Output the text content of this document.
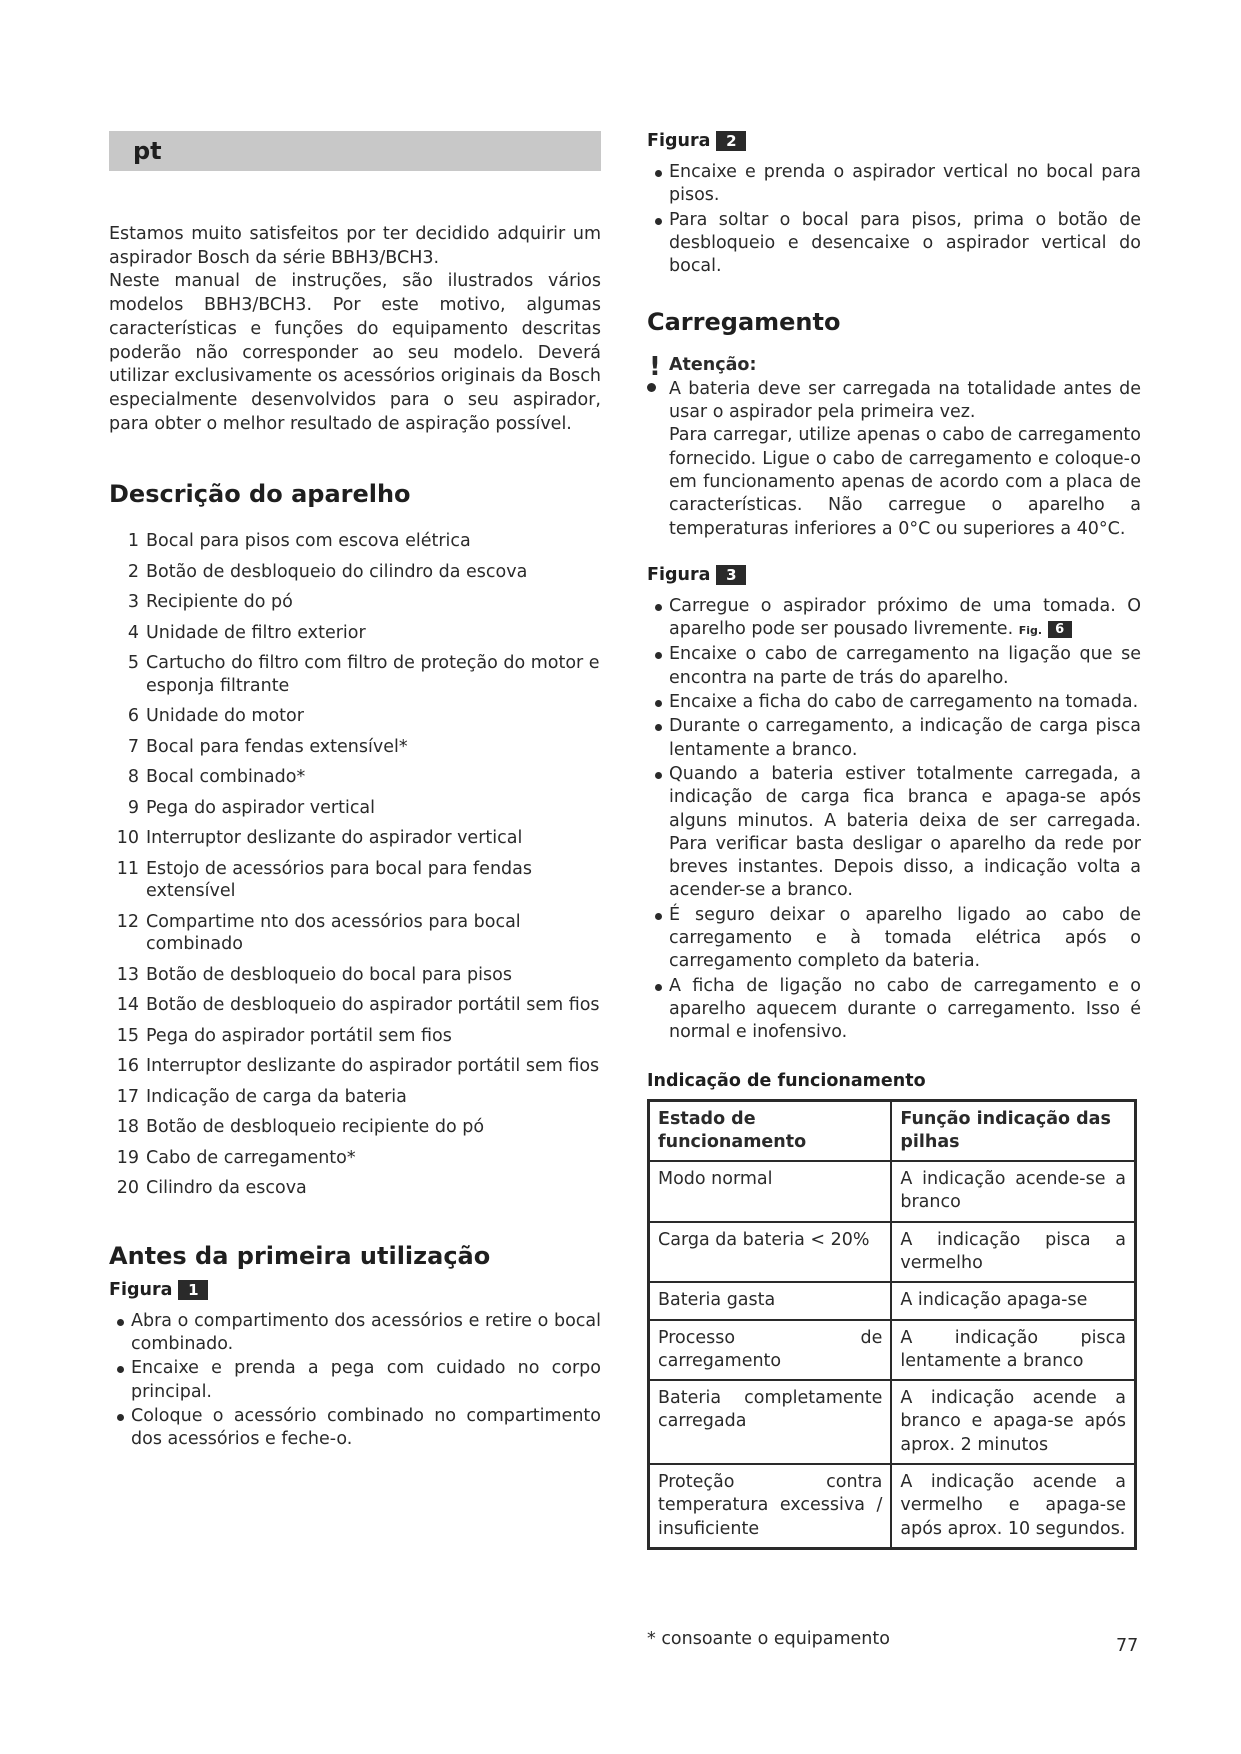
pt

Estamos muito satisfeitos por ter decidido adquirir um aspirador Bosch da série BBH3/BCH3.

Neste manual de instruções, são ilustrados vários modelos BBH3/BCH3. Por este motivo, algumas características e funções do equipamento descritas poderão não corresponder ao seu modelo. Deverá utilizar exclusivamente os acessórios originais da Bosch especialmente desenvolvidos para o seu aspirador, para obter o melhor resultado de aspiração possível.

Descrição do aparelho
1 Bocal para pisos com escova elétrica
2 Botão de desbloqueio do cilindro da escova
3 Recipiente do pó
4 Unidade de filtro exterior
5 Cartucho do filtro com filtro de proteção do motor e esponja filtrante
6 Unidade do motor
7 Bocal para fendas extensível*
8 Bocal combinado*
9 Pega do aspirador vertical
10 Interruptor deslizante do aspirador vertical
11 Estojo de acessórios para bocal para fendas extensível
12 Compartime nto dos acessórios para bocal combinado
13 Botão de desbloqueio do bocal para pisos
14 Botão de desbloqueio do aspirador portátil sem fios
15 Pega do aspirador portátil sem fios
16 Interruptor deslizante do aspirador portátil sem fios
17 Indicação de carga da bateria
18 Botão de desbloqueio recipiente do pó
19 Cabo de carregamento*
20 Cilindro da escova
Antes da primeira utilização
Figura	1
Abra o compartimento dos acessórios e retire o bocal combinado.
Encaixe e prenda a pega com cuidado no corpo principal.
Coloque o acessório combinado no compartimento dos acessórios e feche-o.
Figura	2
Encaixe e prenda o aspirador vertical no bocal para pisos.
Para soltar o bocal para pisos, prima o botão de desbloqueio e desencaixe o aspirador vertical do bocal.
Carregamento
! Atenção:

A bateria deve ser carregada na totalidade antes de usar o aspirador pela primeira vez.

Para carregar, utilize apenas o cabo de carregamento fornecido. Ligue o cabo de carregamento e coloque-o em funcionamento apenas de acordo com a placa de características. Não carregue o aparelho a temperaturas inferiores a 0°C ou superiores a 40°C.

Figura	3
Carregue o aspirador próximo de uma tomada. O aparelho pode ser pousado livremente. Fig. 6
Encaixe o cabo de carregamento na ligação que se encontra na parte de trás do aparelho.
Encaixe a ficha do cabo de carregamento na tomada.
Durante o carregamento, a indicação de carga pisca lentamente a branco.
Quando a bateria estiver totalmente carregada, a indicação de carga fica branca e apaga-se após alguns minutos. A bateria deixa de ser carregada. Para verificar basta desligar o aparelho da rede por breves instantes. Depois disso, a indicação volta a acender-se a branco.
É seguro deixar o aparelho ligado ao cabo de carregamento e à tomada elétrica após o carregamento completo da bateria.
A ficha de ligação no cabo de carregamento e o aparelho aquecem durante o carregamento. Isso é normal e inofensivo.
Indicação de funcionamento
Estado de funcionamento	Função indicação das pilhas
Modo normal	A indicação acende-se a branco
Carga da bateria < 20%	A indicação pisca a vermelho
Bateria gasta	A indicação apaga-se
Processo de carregamento	A indicação pisca lentamente a branco
Bateria completamente carregada	A indicação acende a branco e apaga-se após aprox. 2 minutos
Proteção contra temperatura excessiva / insuficiente	A indicação acende a vermelho e apaga-se após aprox. 10 segundos.
* consoante o equipamento	77
